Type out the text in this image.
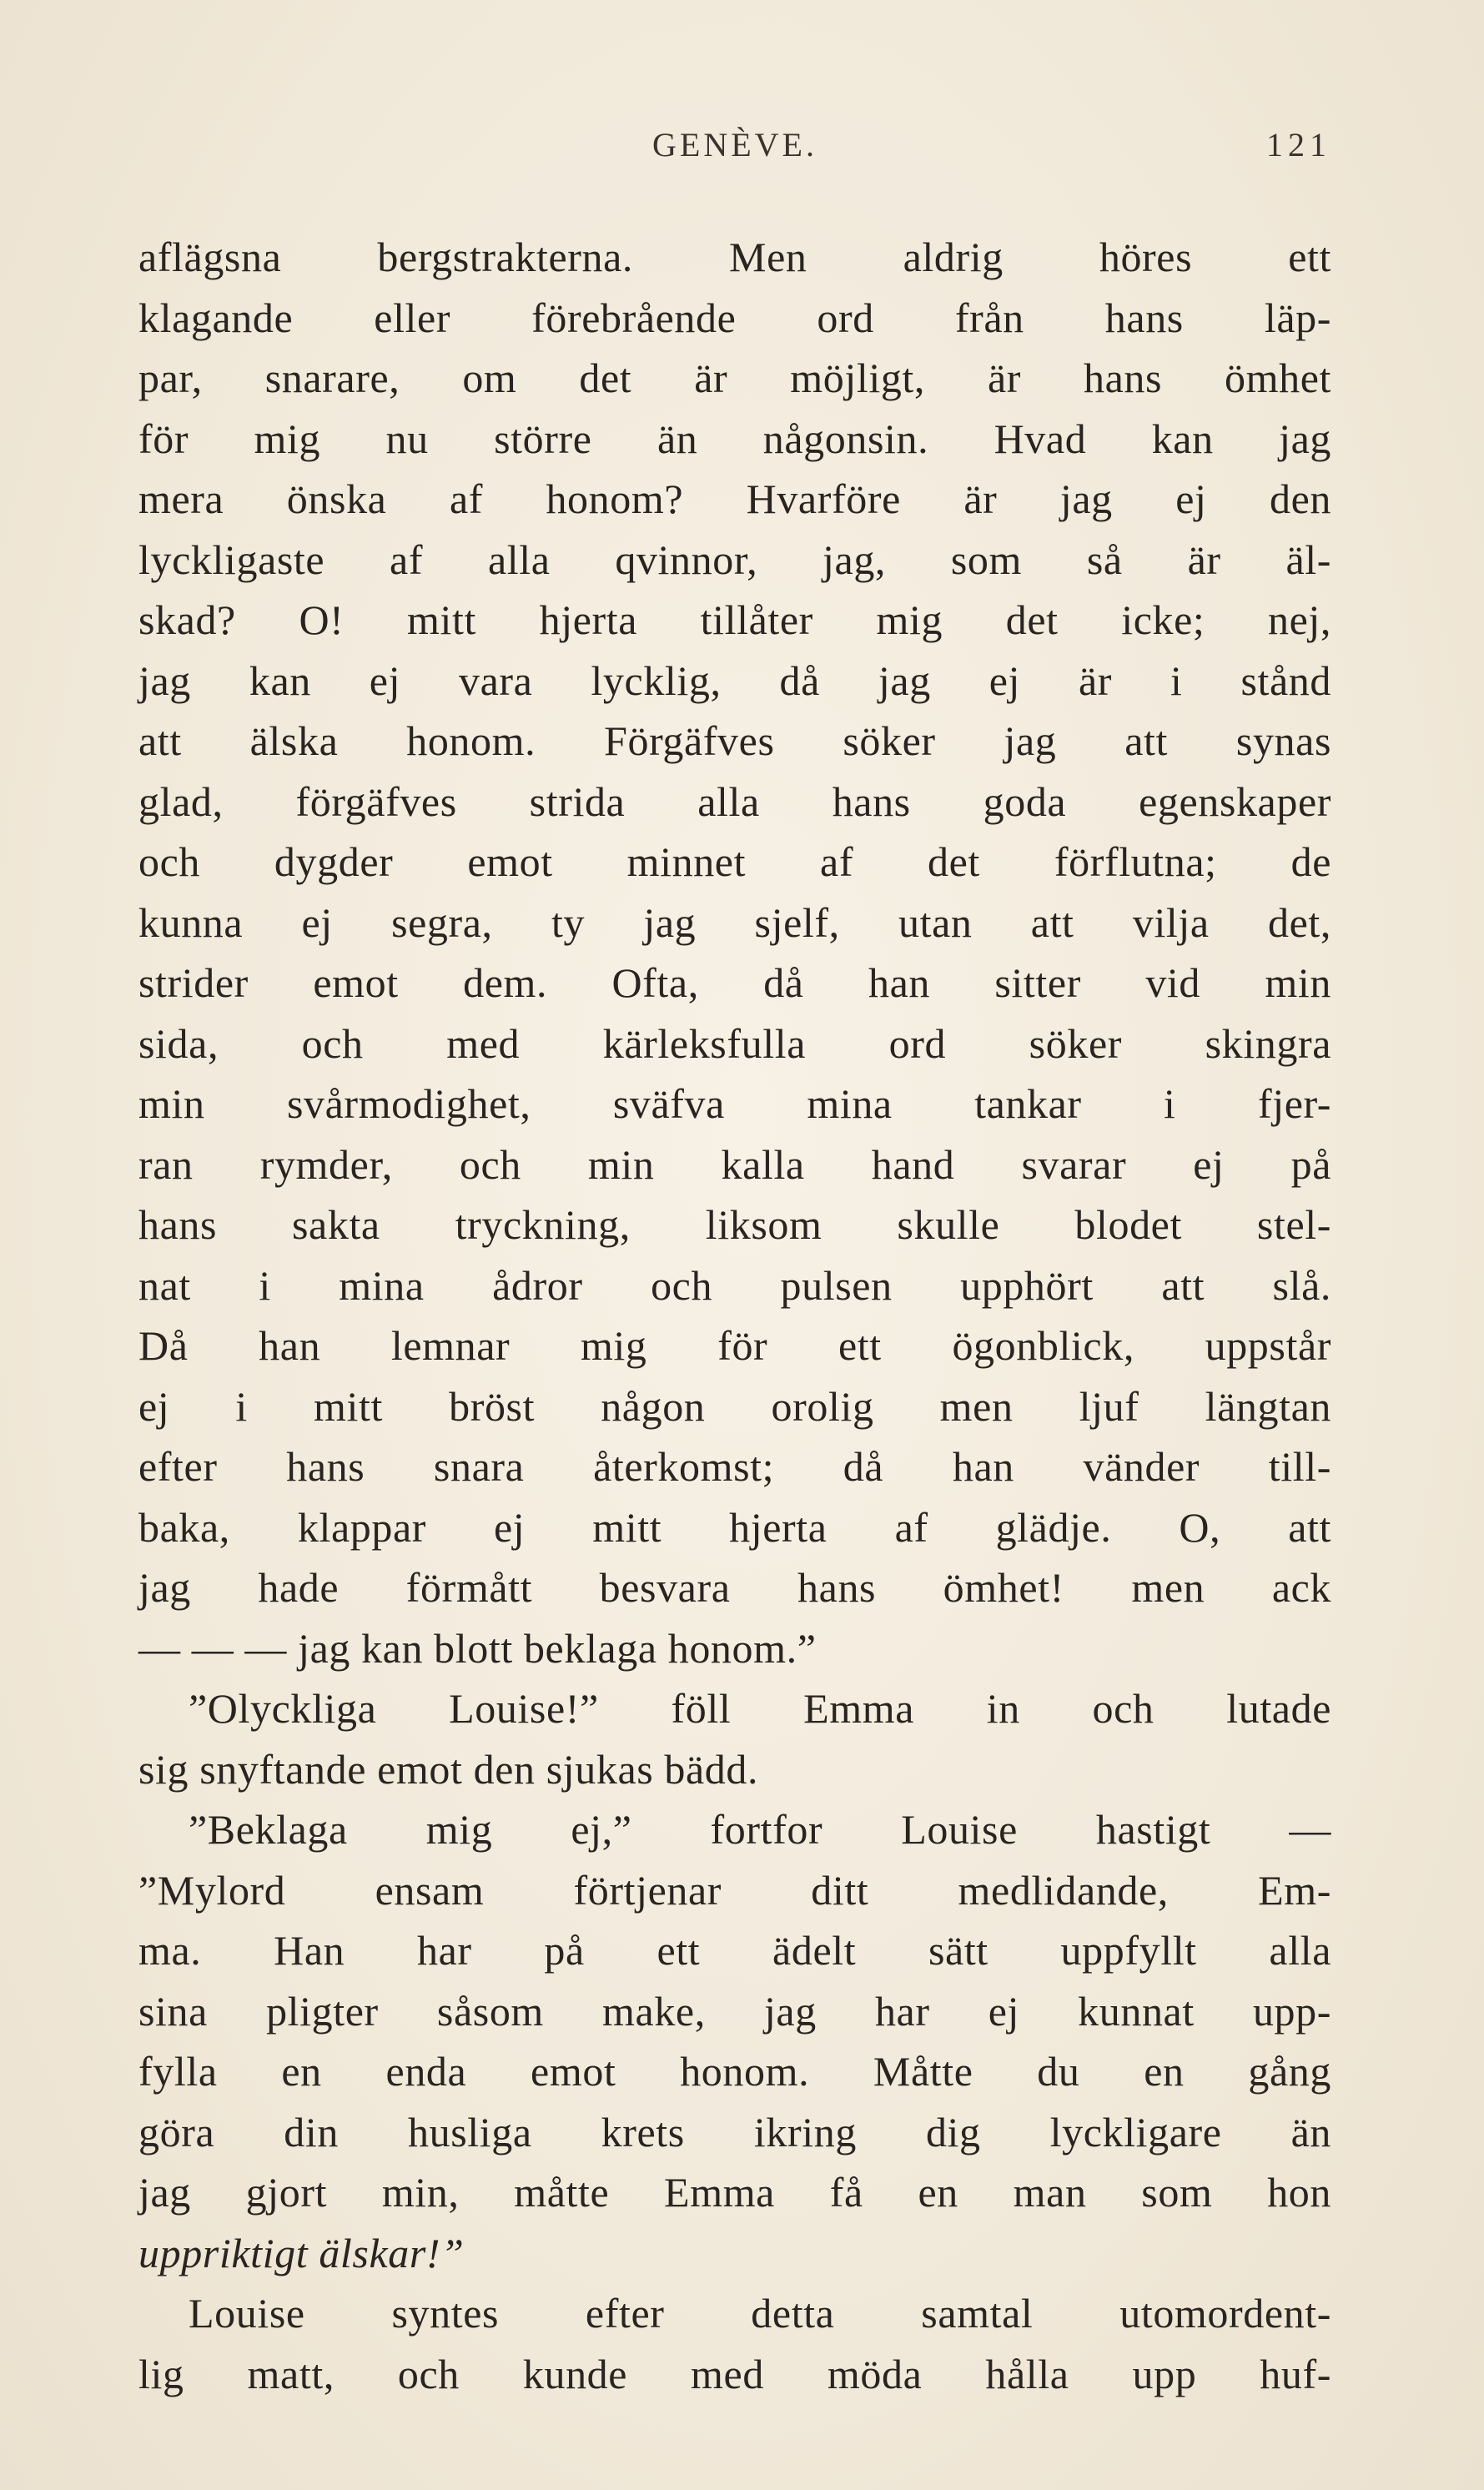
GENÈVE.	121
aflägsna bergstrakterna. Men aldrig höres ett
klagande eller förebrående ord från hans läp-
par, snarare, om det är möjligt, är hans ömhet
för mig nu större än någonsin. Hvad kan jag
mera önska af honom? Hvarföre är jag ej den
lyckligaste af alla qvinnor, jag, som så är äl-
skad? O! mitt hjerta tillåter mig det icke; nej,
jag kan ej vara lycklig, då jag ej är i stånd
att älska honom. Förgäfves söker jag att synas
glad, förgäfves strida alla hans goda egenskaper
och dygder emot minnet af det förflutna; de
kunna ej segra, ty jag sjelf, utan att vilja det,
strider emot dem. Ofta, då han sitter vid min
sida, och med kärleksfulla ord söker skingra
min svårmodighet, sväfva mina tankar i fjer-
ran rymder, och min kalla hand svarar ej på
hans sakta tryckning, liksom skulle blodet stel-
nat i mina ådror och pulsen upphört att slå.
Då han lemnar mig för ett ögonblick, uppstår
ej i mitt bröst någon orolig men ljuf längtan
efter hans snara återkomst; då han vänder till-
baka, klappar ej mitt hjerta af glädje. O, att
jag hade förmått besvara hans ömhet! men ack
— — — jag kan blott beklaga honom.”
”Olyckliga Louise!” föll Emma in och lutade
sig snyftande emot den sjukas bädd.
”Beklaga mig ej,” fortfor Louise hastigt —
”Mylord ensam förtjenar ditt medlidande, Em-
ma. Han har på ett ädelt sätt uppfyllt alla
sina pligter såsom make, jag har ej kunnat upp-
fylla en enda emot honom. Måtte du en gång
göra din husliga krets ikring dig lyckligare än
jag gjort min, måtte Emma få en man som hon
uppriktigt älskar!”
Louise syntes efter detta samtal utomordent-
lig matt, och kunde med möda hålla upp huf-
